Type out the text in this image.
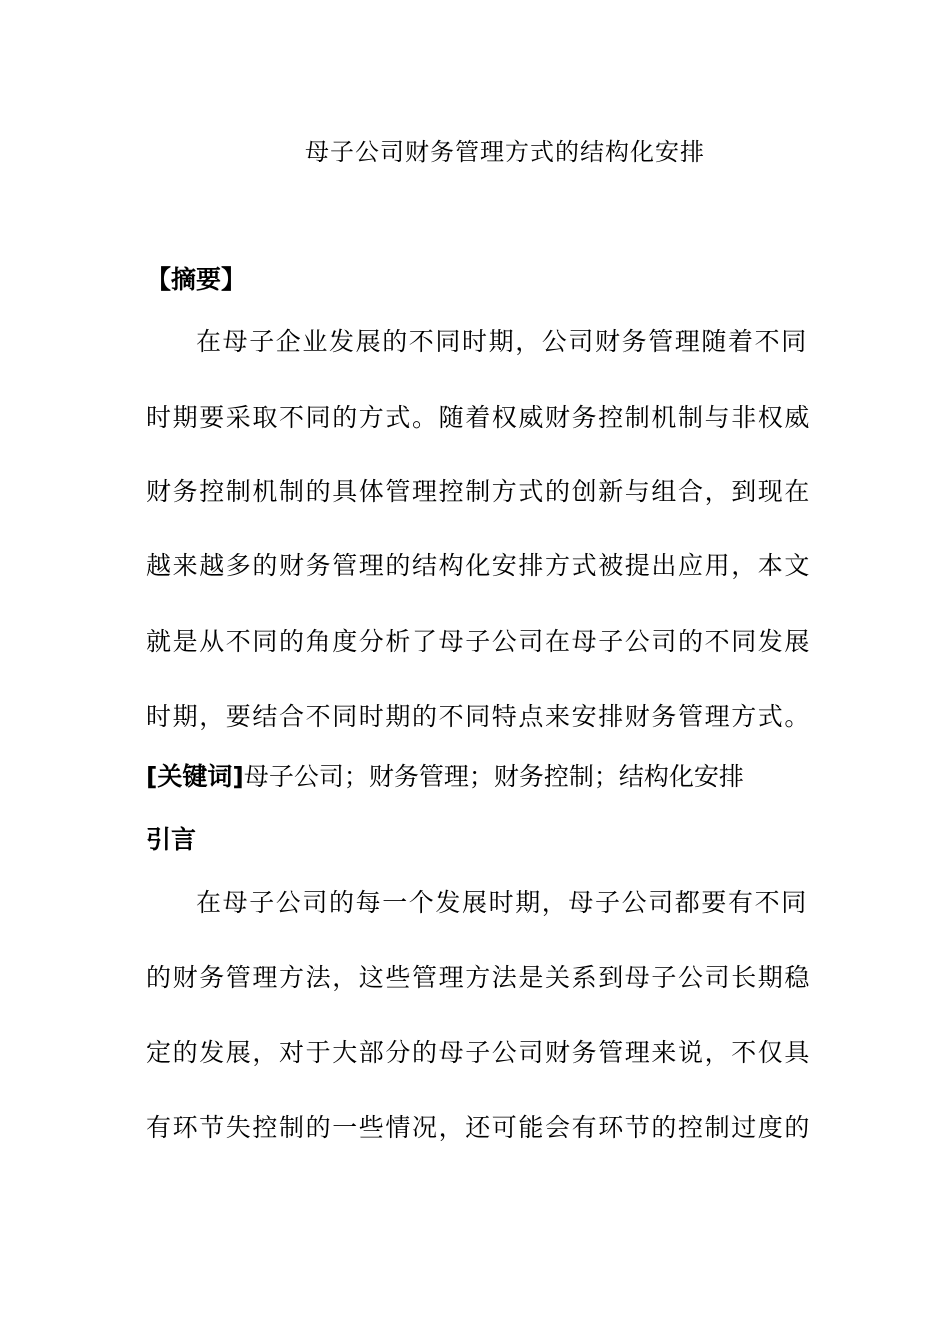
母子公司财务管理方式的结构化安排
【摘要】
在母子企业发展的不同时期，公司财务管理随着不同
时期要采取不同的方式。随着权威财务控制机制与非权威
财务控制机制的具体管理控制方式的创新与组合，到现在
越来越多的财务管理的结构化安排方式被提出应用，本文
就是从不同的角度分析了母子公司在母子公司的不同发展
时期，要结合不同时期的不同特点来安排财务管理方式。
[关键词]母子公司；财务管理；财务控制；结构化安排
引言
在母子公司的每一个发展时期，母子公司都要有不同
的财务管理方法，这些管理方法是关系到母子公司长期稳
定的发展，对于大部分的母子公司财务管理来说，不仅具
有环节失控制的一些情况，还可能会有环节的控制过度的
